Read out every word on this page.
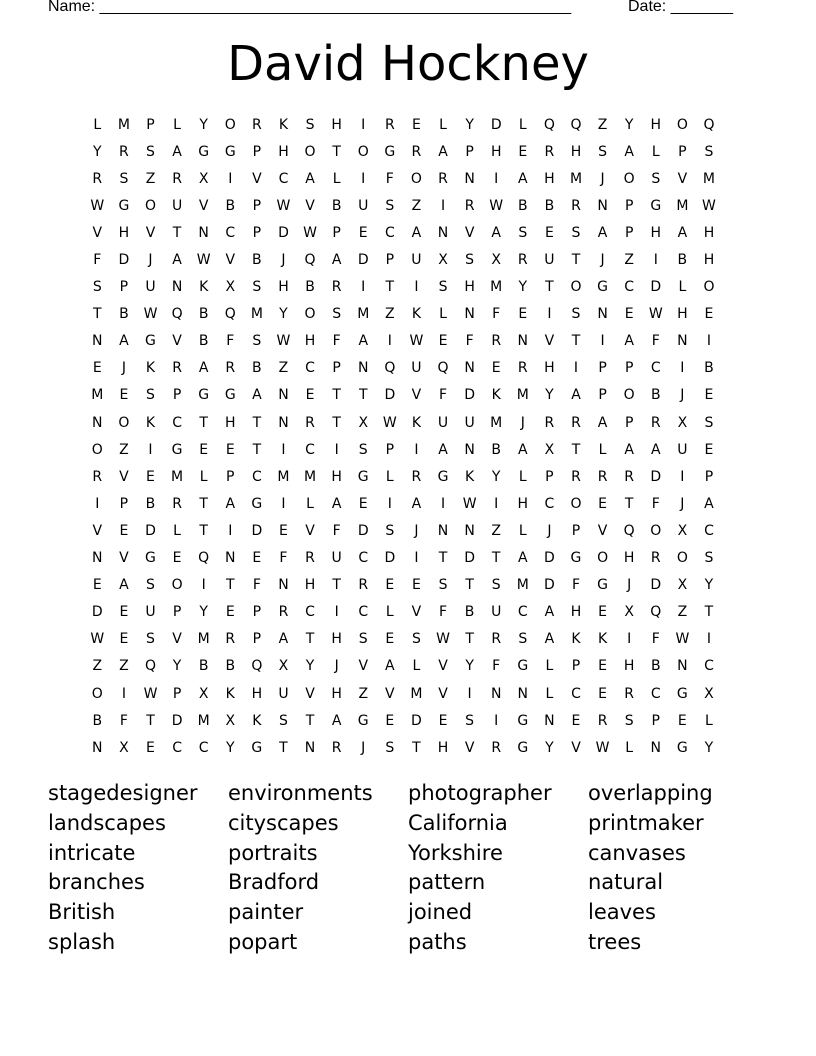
Name: _____________________________________________________	Date: _______
David Hockney
L	M	P	L	Y	O	R	K	S	H	I	R	E	L	Y	D	L	Q	Q	Z	Y	H	O	Q
Y	R	S	A	G	G	P	H	O	T	O	G	R	A	P	H	E	R	H	S	A	L	P	S
R	S	Z	R	X	I	V	C	A	L	I	F	O	R	N	I	A	H	M	J	O	S	V	M
W	G	O	U	V	B	P	W	V	B	U	S	Z	I	R	W	B	B	R	N	P	G	M W
V	H	V	T	N	C	P	D	W	P	E	C	A	N	V	A	S	E	S	A	P	H	A	H
F	D	J	A	W	V	B	J	Q	A	D	P	U	X	S	X	R	U	T	J	Z	I	B	H
S	P	U	N	K	X	S	H	B	R	I	T	I	S	H	M	Y	T	O	G	C	D	L	O
T	B	W	Q	B	Q	M	Y	O	S	M	Z	K	L	N	F	E	I	S	N	E	W	H	E
N	A	G	V	B	F	S	W	H	F	A	I	W	E	F	R	N	V	T	I	A	F	N	I
E	J	K	R	A	R	B	Z	C	P	N	Q	U	Q	N	E	R	H	I	P	P	C	I	B
M	E	S	P	G	G	A	N	E	T	T	D	V	F	D	K	M	Y	A	P	O	B	J	E
N	O	K	C	T	H	T	N	R	T	X	W	K	U	U	M	J	R	R	A	P	R	X	S
O	Z	I	G	E	E	T	I	C	I	S	P	I	A	N	B	A	X	T	L	A	A	U	E
R	V	E	M	L	P	C	M	M	H	G	L	R	G	K	Y	L	P	R	R	R	D	I	P
I	P	B	R	T	A	G	I	L	A	E	I	A	I	W	I	H	C	O	E	T	F	J	A
V	E	D	L	T	I	D	E	V	F	D	S	J	N	N	Z	L	J	P	V	Q	O	X	C
N	V	G	E	Q	N	E	F	R	U	C	D	I	T	D	T	A	D	G	O	H	R	O	S
E	A	S	O	I	T	F	N	H	T	R	E	E	S	T	S	M	D	F	G	J	D	X	Y
D	E	U	P	Y	E	P	R	C	I	C	L	V	F	B	U	C	A	H	E	X	Q	Z	T
W	E	S	V	M	R	P	A	T	H	S	E	S	W	T	R	S	A	K	K	I	F	W	I
Z	Z	Q	Y	B	B	Q	X	Y	J	V	A	L	V	Y	F	G	L	P	E	H	B	N	C
O	I	W	P	X	K	H	U	V	H	Z	V	M	V	I	N	N	L	C	E	R	C	G	X
B	F	T	D	M	X	K	S	T	A	G	E	D	E	S	I	G	N	E	R	S	P	E	L
N	X	E	C	C	Y	G	T	N	R	J	S	T	H	V	R	G	Y	V	W	L	N	G	Y
stagedesigner	environments	photographer	overlapping
landscapes	cityscapes	California	printmaker
intricate	portraits	Yorkshire	canvases
branches	Bradford	pattern	natural
British	painter	joined	leaves
splash	popart	paths	trees
